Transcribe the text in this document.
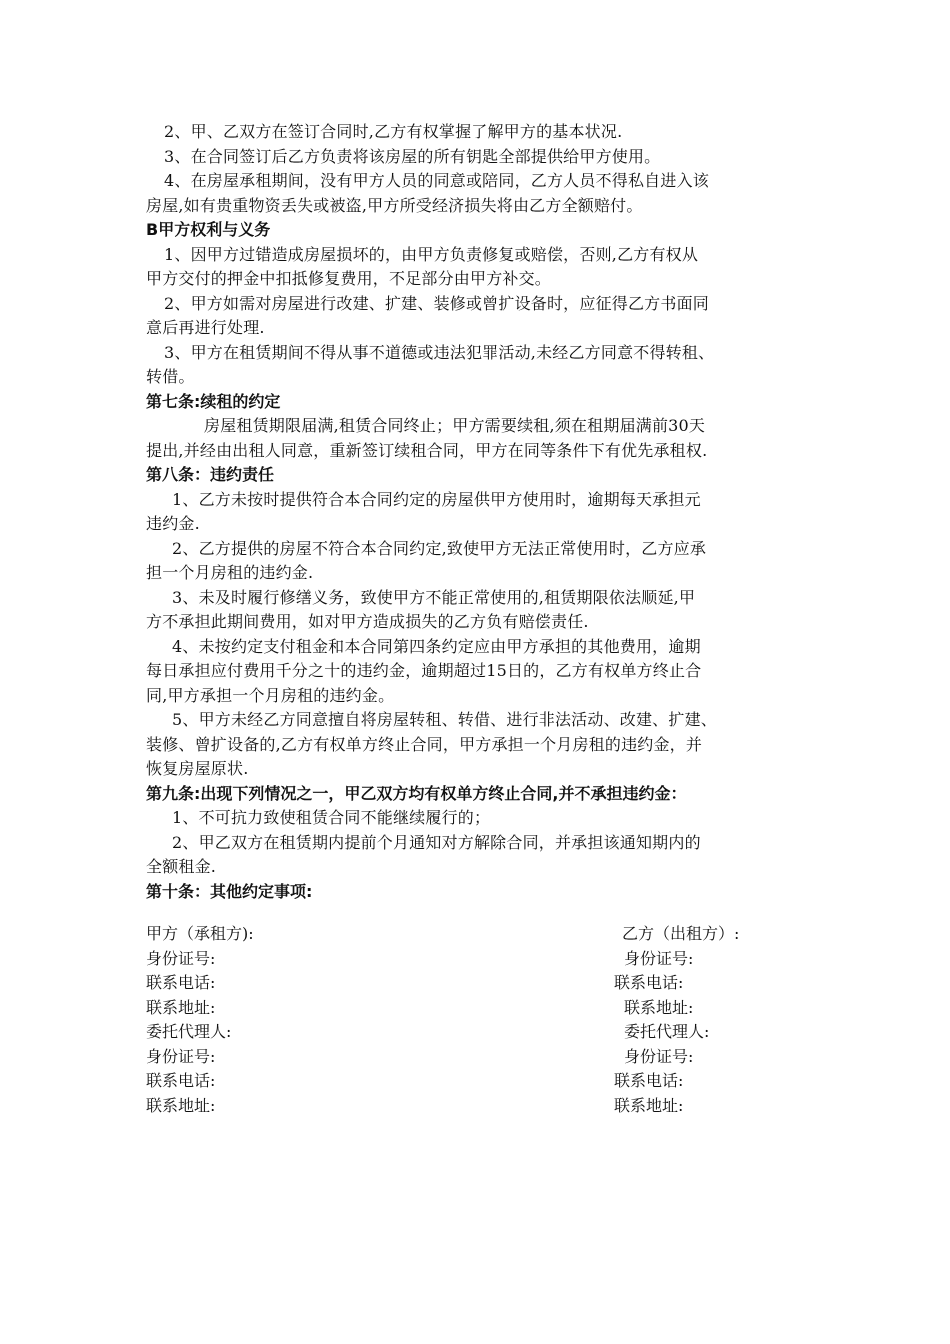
2、甲、乙双方在签订合同时,乙方有权掌握了解甲方的基本状况.

3、在合同签订后乙方负责将该房屋的所有钥匙全部提供给甲方使用。

4、在房屋承租期间，没有甲方人员的同意或陪同，乙方人员不得私自进入该

房屋,如有贵重物资丢失或被盗,甲方所受经济损失将由乙方全额赔付。

B甲方权利与义务

1、因甲方过错造成房屋损坏的，由甲方负责修复或赔偿，否则,乙方有权从

甲方交付的押金中扣抵修复费用，不足部分由甲方补交。

2、甲方如需对房屋进行改建、扩建、装修或曾扩设备时，应征得乙方书面同

意后再进行处理.

3、甲方在租赁期间不得从事不道德或违法犯罪活动,未经乙方同意不得转租、

转借。

第七条:续租的约定

房屋租赁期限届满,租赁合同终止；甲方需要续租,须在租期届满前30天

提出,并经由出租人同意，重新签订续租合同，甲方在同等条件下有优先承租权.

第八条：违约责任

1、乙方未按时提供符合本合同约定的房屋供甲方使用时，逾期每天承担元

违约金.

2、乙方提供的房屋不符合本合同约定,致使甲方无法正常使用时，乙方应承

担一个月房租的违约金.

3、未及时履行修缮义务，致使甲方不能正常使用的,租赁期限依法顺延,甲

方不承担此期间费用，如对甲方造成损失的乙方负有赔偿责任.

4、未按约定支付租金和本合同第四条约定应由甲方承担的其他费用，逾期

每日承担应付费用千分之十的违约金，逾期超过15日的，乙方有权单方终止合

同,甲方承担一个月房租的违约金。

5、甲方未经乙方同意擅自将房屋转租、转借、进行非法活动、改建、扩建、

装修、曾扩设备的,乙方有权单方终止合同，甲方承担一个月房租的违约金，并

恢复房屋原状.

第九条:出现下列情况之一，甲乙双方均有权单方终止合同,并不承担违约金：

1、不可抗力致使租赁合同不能继续履行的；

2、甲乙双方在租赁期内提前个月通知对方解除合同，并承担该通知期内的

全额租金.

第十条：其他约定事项:

甲方（承租方):	乙方（出租方）:
身份证号:	身份证号:
联系电话:	联系电话:
联系地址:	联系地址:
委托代理人:	委托代理人:
身份证号:	身份证号:
联系电话:	联系电话:
联系地址:	联系地址:
